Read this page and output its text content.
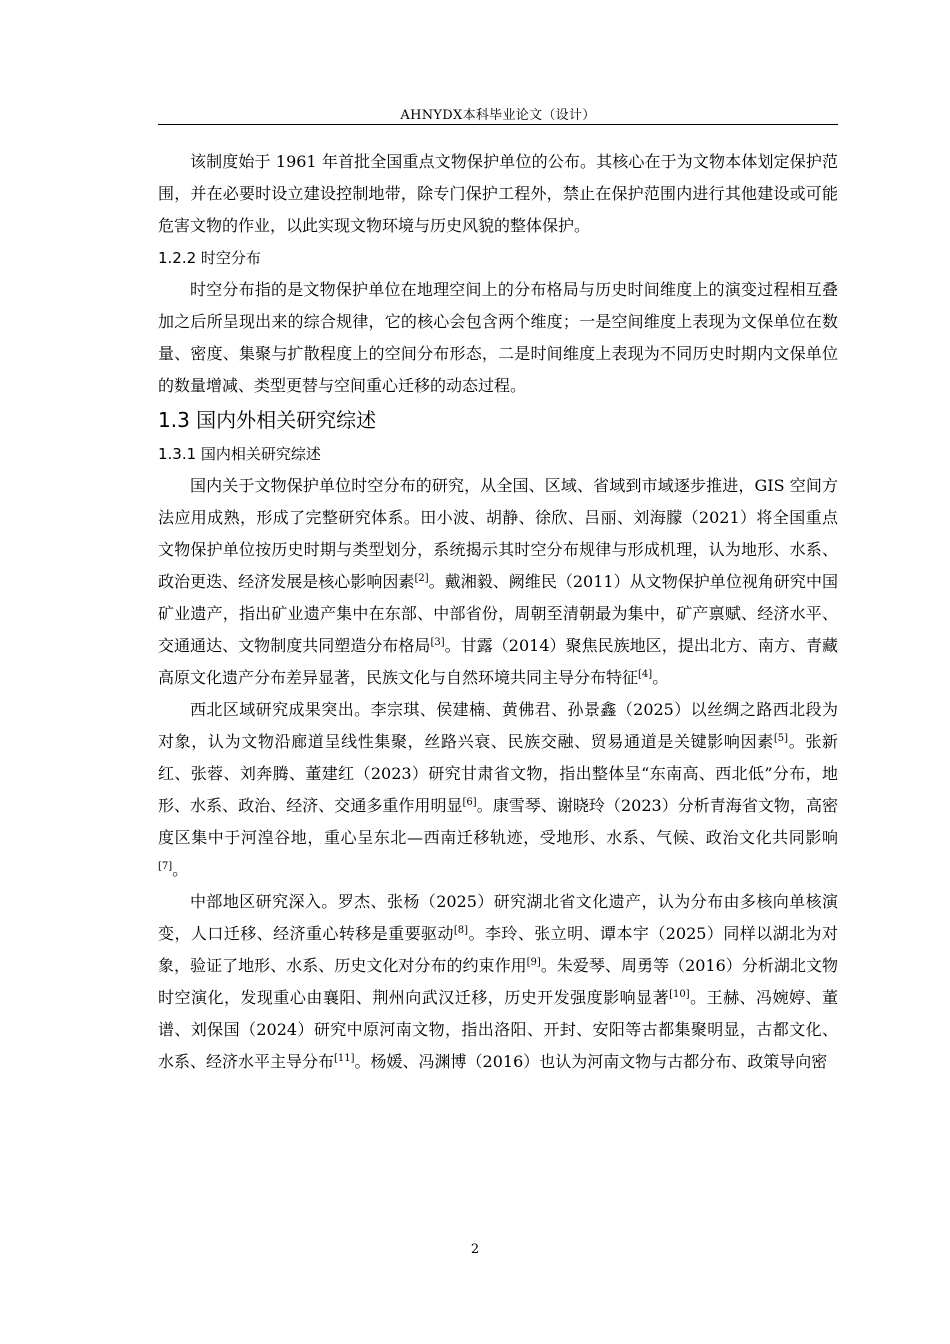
AHNYDX本科毕业论文（设计）

该制度始于 1961 年首批全国重点文物保护单位的公布。其核心在于为文物本体划定保护范围，并在必要时设立建设控制地带，除专门保护工程外，禁止在保护范围内进行其他建设或可能危害文物的作业，以此实现文物环境与历史风貌的整体保护。

1.2.2 时空分布

时空分布指的是文物保护单位在地理空间上的分布格局与历史时间维度上的演变过程相互叠加之后所呈现出来的综合规律，它的核心会包含两个维度；一是空间维度上表现为文保单位在数量、密度、集聚与扩散程度上的空间分布形态，二是时间维度上表现为不同历史时期内文保单位的数量增减、类型更替与空间重心迁移的动态过程。

1.3 国内外相关研究综述

1.3.1 国内相关研究综述

国内关于文物保护单位时空分布的研究，从全国、区域、省域到市域逐步推进，GIS 空间方法应用成熟，形成了完整研究体系。田小波、胡静、徐欣、吕丽、刘海朦（2021）将全国重点文物保护单位按历史时期与类型划分，系统揭示其时空分布规律与形成机理，认为地形、水系、政治更迭、经济发展是核心影响因素[2]。戴湘毅、阙维民（2011）从文物保护单位视角研究中国矿业遗产，指出矿业遗产集中在东部、中部省份，周朝至清朝最为集中，矿产禀赋、经济水平、交通通达、文物制度共同塑造分布格局[3]。甘露（2014）聚焦民族地区，提出北方、南方、青藏高原文化遗产分布差异显著，民族文化与自然环境共同主导分布特征[4]。

西北区域研究成果突出。李宗琪、侯建楠、黄佛君、孙景鑫（2025）以丝绸之路西北段为对象，认为文物沿廊道呈线性集聚，丝路兴衰、民族交融、贸易通道是关键影响因素[5]。张新红、张蓉、刘奔腾、董建红（2023）研究甘肃省文物，指出整体呈“东南高、西北低”分布，地形、水系、政治、经济、交通多重作用明显[6]。康雪琴、谢晓玲（2023）分析青海省文物，高密度区集中于河湟谷地，重心呈东北—西南迁移轨迹，受地形、水系、气候、政治文化共同影响[7]。

中部地区研究深入。罗杰、张杨（2025）研究湖北省文化遗产，认为分布由多核向单核演变，人口迁移、经济重心转移是重要驱动[8]。李玲、张立明、谭本宇（2025）同样以湖北为对象，验证了地形、水系、历史文化对分布的约束作用[9]。朱爱琴、周勇等（2016）分析湖北文物时空演化，发现重心由襄阳、荆州向武汉迁移，历史开发强度影响显著[10]。王赫、冯婉婷、董谱、刘保国（2024）研究中原河南文物，指出洛阳、开封、安阳等古都集聚明显，古都文化、水系、经济水平主导分布[11]。杨媛、冯渊博（2016）也认为河南文物与古都分布、政策导向密

2
